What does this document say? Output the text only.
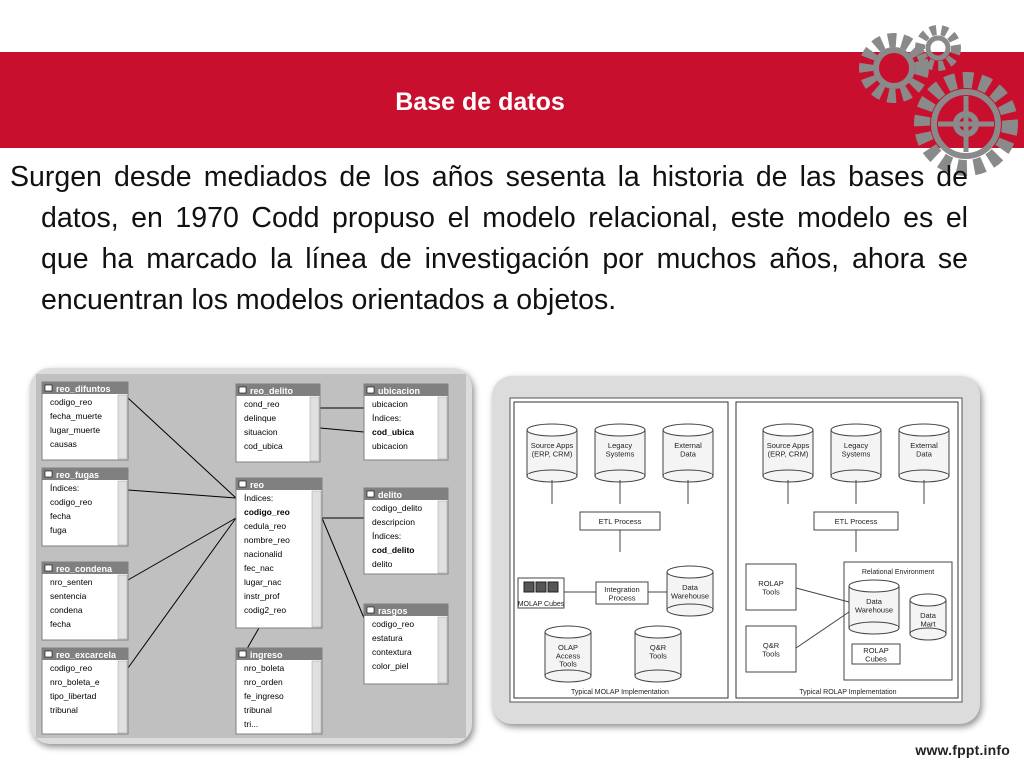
Base de datos

Surgen desde mediados de los años sesenta la historia de las bases de datos, en 1970 Codd propuso el modelo relacional, este modelo es el que ha marcado la línea de investigación por muchos años, ahora se encuentran los modelos orientados a objetos.

reo_difuntos
codigo_reo
fecha_muerte
lugar_muerte
causas
reo_fugas
Índices:
codigo_reo
fecha
fuga
reo_condena
nro_senten
sentencia
condena
fecha
reo_excarcela
codigo_reo
nro_boleta_e
tipo_libertad
tribunal
reo_delito
cond_reo
delinque
situacion
cod_ubica
reo
Índices:
codigo_reo
cedula_reo
nombre_reo
nacionalid
fec_nac
lugar_nac
instr_prof
codig2_reo
ingreso
nro_boleta
nro_orden
fe_ingreso
tribunal
tri...
ubicacion
ubicacion
Índices:
cod_ubica
ubicacion
delito
codigo_delito
descripcion
Índices:
cod_delito
delito
rasgos
codigo_reo
estatura
contextura
color_piel
Source Apps (ERP, CRM)
Legacy Systems
External Data
ETL Process
MOLAP Cubes
Integration Process
Data Warehouse
OLAP Access Tools
Q&R Tools
Typical MOLAP Implementation
Source Apps (ERP, CRM)
Legacy Systems
External Data
ETL Process
Relational Environment
ROLAP Tools
Q&R Tools
Data Warehouse
Data Mart
ROLAP Cubes
Typical ROLAP Implementation
www.fppt.info
